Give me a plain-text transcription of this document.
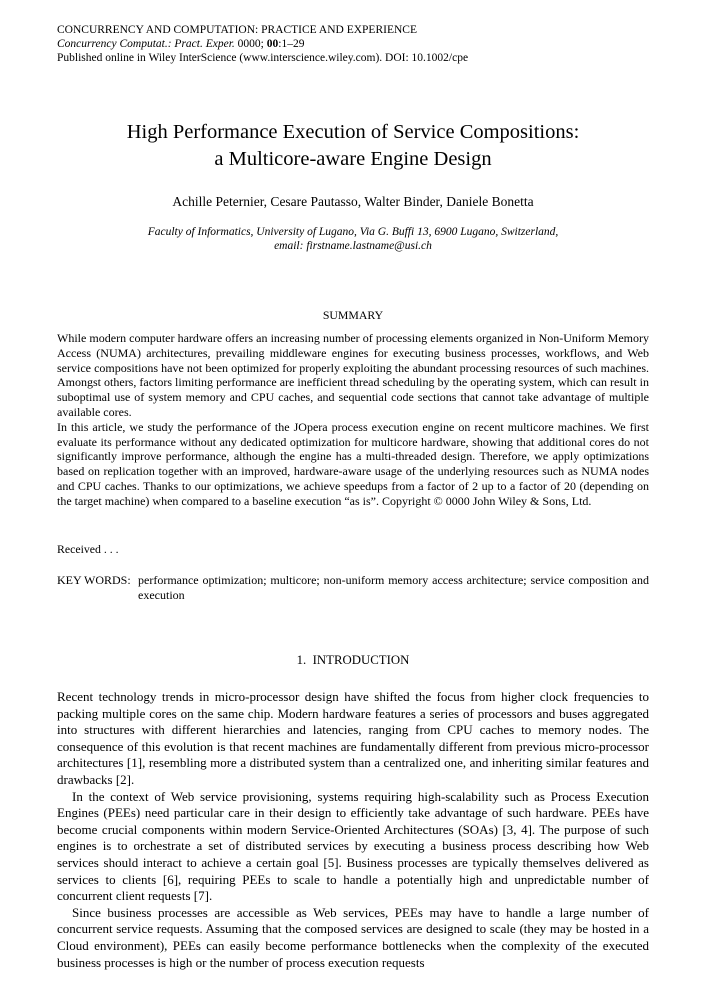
CONCURRENCY AND COMPUTATION: PRACTICE AND EXPERIENCE
Concurrency Computat.: Pract. Exper. 0000; 00:1–29
Published online in Wiley InterScience (www.interscience.wiley.com). DOI: 10.1002/cpe
High Performance Execution of Service Compositions:
a Multicore-aware Engine Design
Achille Peternier, Cesare Pautasso, Walter Binder, Daniele Bonetta
Faculty of Informatics, University of Lugano, Via G. Buffi 13, 6900 Lugano, Switzerland,
email: firstname.lastname@usi.ch
SUMMARY

While modern computer hardware offers an increasing number of processing elements organized in Non-Uniform Memory Access (NUMA) architectures, prevailing middleware engines for executing business processes, workflows, and Web service compositions have not been optimized for properly exploiting the abundant processing resources of such machines. Amongst others, factors limiting performance are inefficient thread scheduling by the operating system, which can result in suboptimal use of system memory and CPU caches, and sequential code sections that cannot take advantage of multiple available cores.

In this article, we study the performance of the JOpera process execution engine on recent multicore machines. We first evaluate its performance without any dedicated optimization for multicore hardware, showing that additional cores do not significantly improve performance, although the engine has a multi-threaded design. Therefore, we apply optimizations based on replication together with an improved, hardware-aware usage of the underlying resources such as NUMA nodes and CPU caches. Thanks to our optimizations, we achieve speedups from a factor of 2 up to a factor of 20 (depending on the target machine) when compared to a baseline execution “as is”. Copyright © 0000 John Wiley & Sons, Ltd.

Received . . .
KEY WORDS: performance optimization; multicore; non-uniform memory access architecture; service composition and execution
1. INTRODUCTION

Recent technology trends in micro-processor design have shifted the focus from higher clock frequencies to packing multiple cores on the same chip. Modern hardware features a series of processors and buses aggregated into structures with different hierarchies and latencies, ranging from CPU caches to memory nodes. The consequence of this evolution is that recent machines are fundamentally different from previous micro-processor architectures [1], resembling more a distributed system than a centralized one, and inheriting similar features and drawbacks [2].

In the context of Web service provisioning, systems requiring high-scalability such as Process Execution Engines (PEEs) need particular care in their design to efficiently take advantage of such hardware. PEEs have become crucial components within modern Service-Oriented Architectures (SOAs) [3, 4]. The purpose of such engines is to orchestrate a set of distributed services by executing a business process describing how Web services should interact to achieve a certain goal [5]. Business processes are typically themselves delivered as services to clients [6], requiring PEEs to scale to handle a potentially high and unpredictable number of concurrent client requests [7].

Since business processes are accessible as Web services, PEEs may have to handle a large number of concurrent service requests. Assuming that the composed services are designed to scale (they may be hosted in a Cloud environment), PEEs can easily become performance bottlenecks when the complexity of the executed business processes is high or the number of process execution requests
